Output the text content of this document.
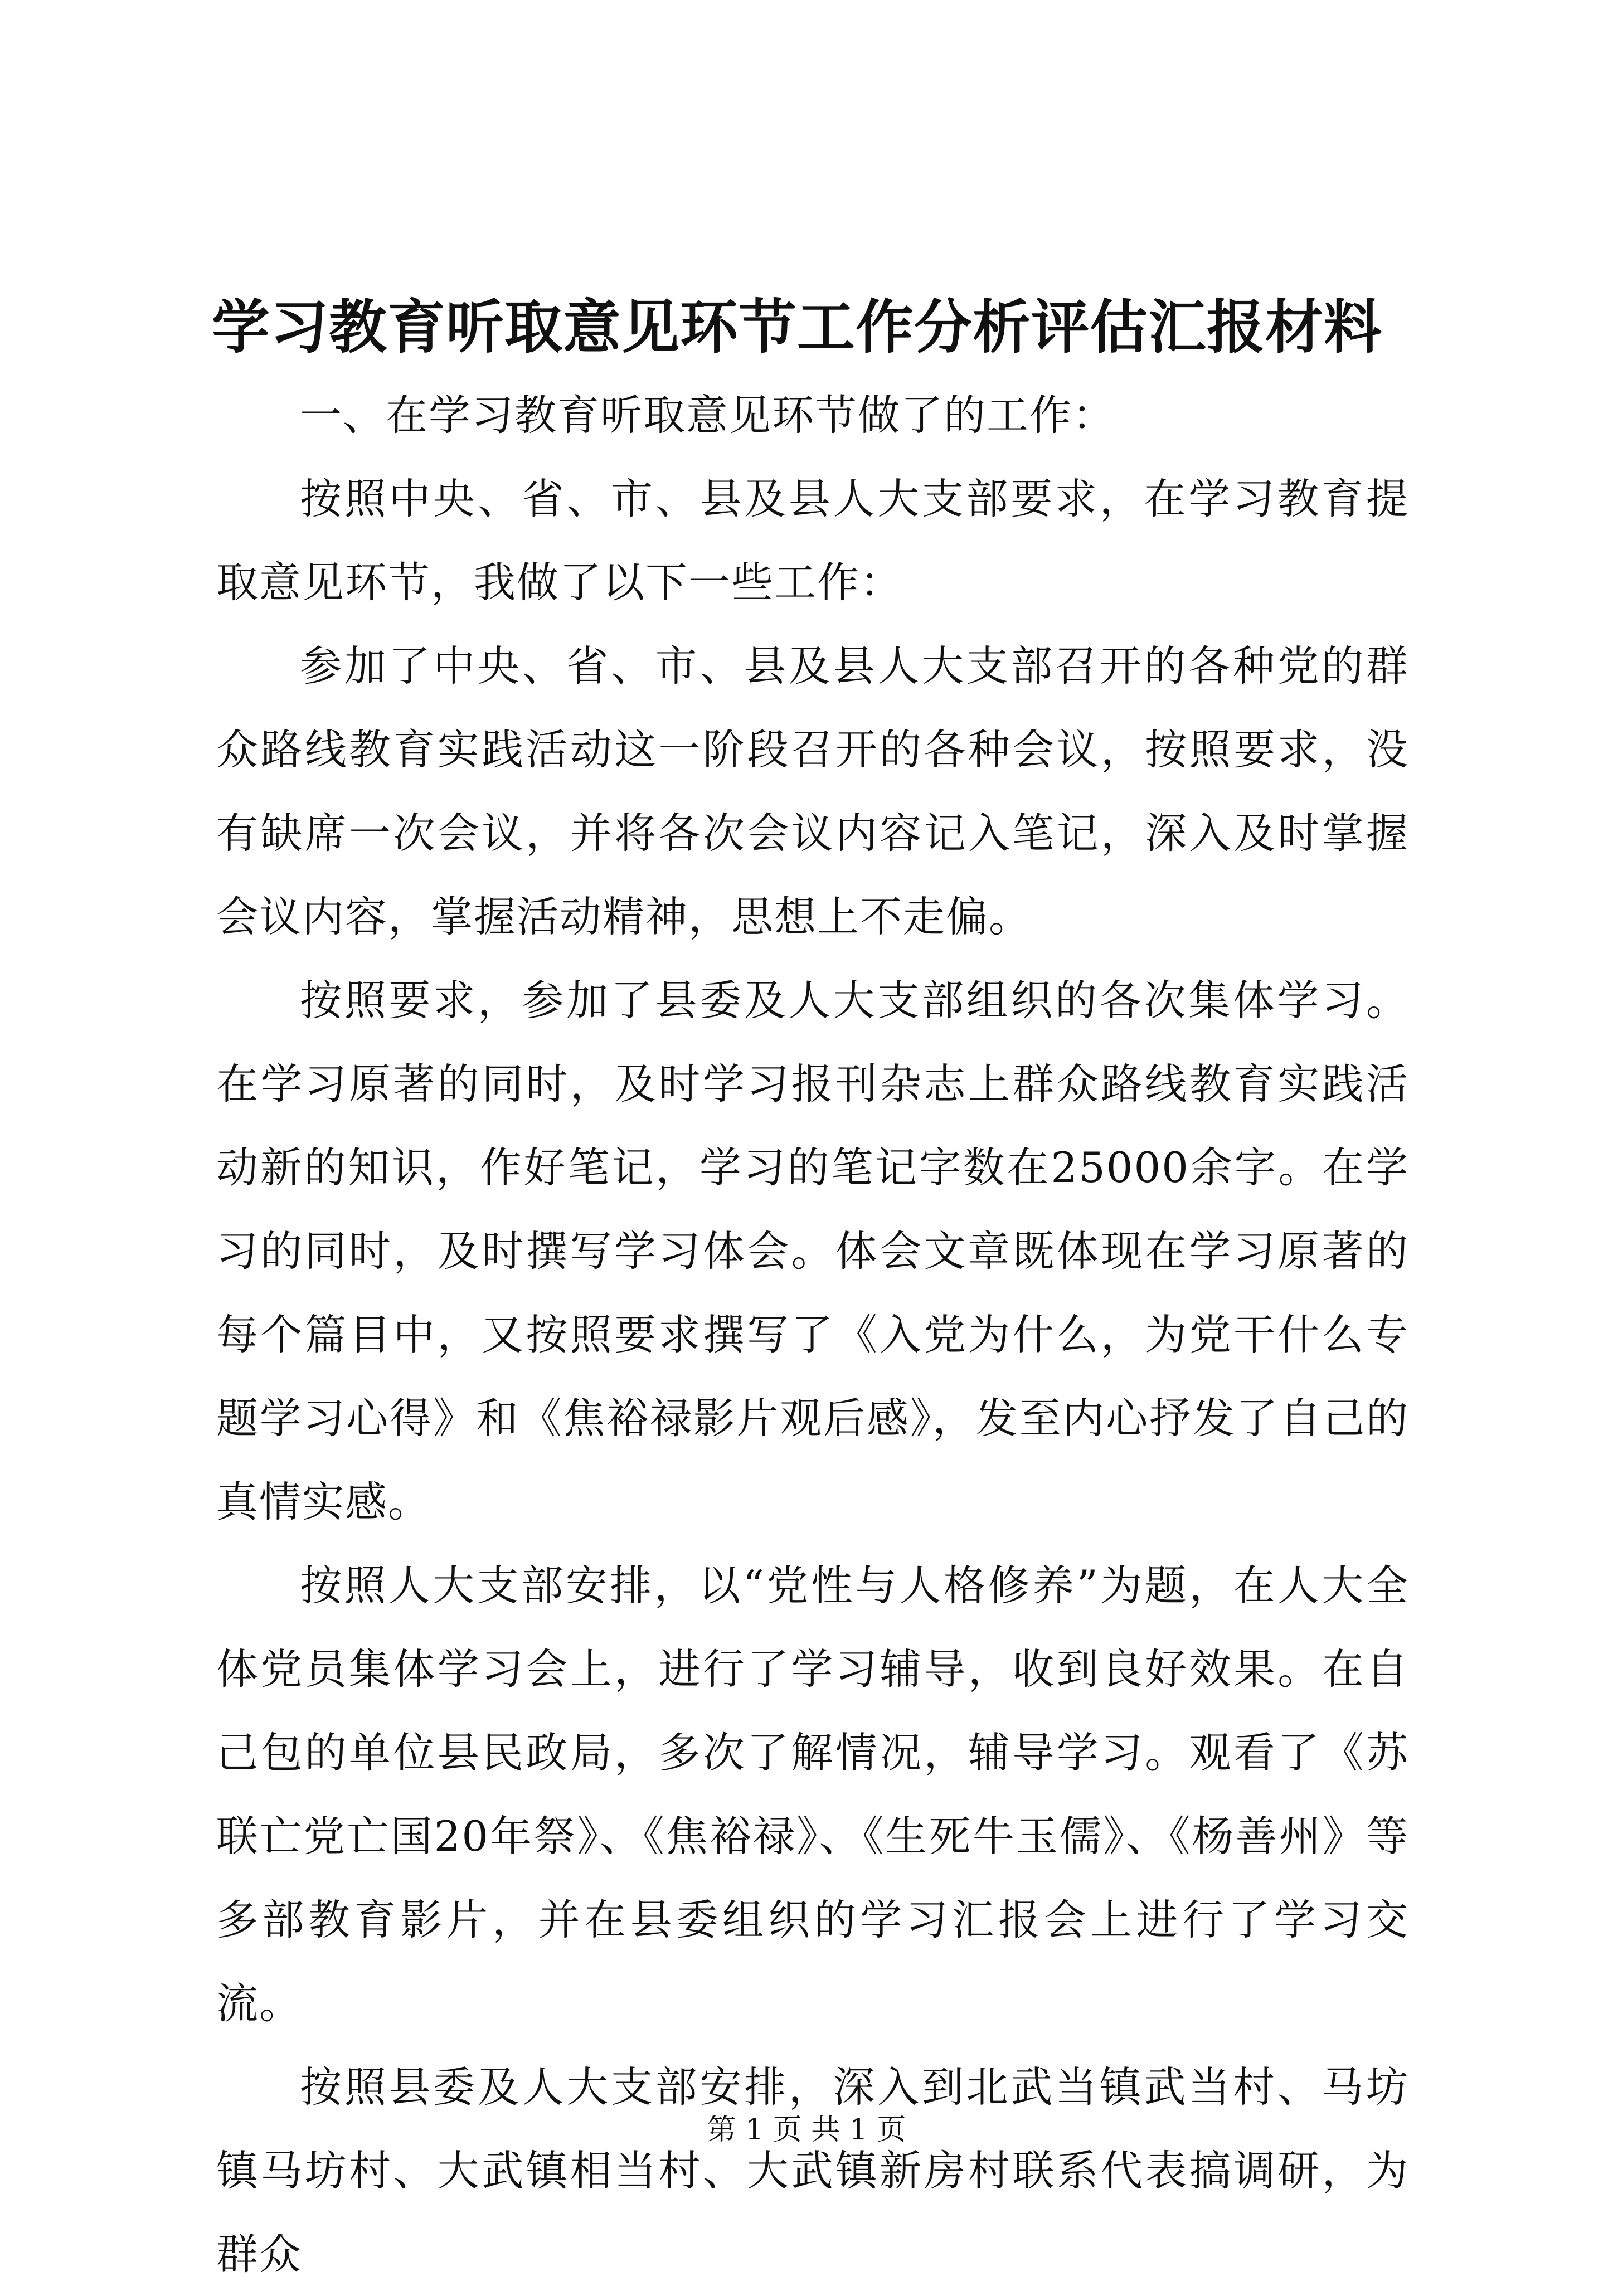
学习教育听取意见环节工作分析评估汇报材料

一、在学习教育听取意见环节做了的工作：

按照中央、省、市、县及县人大支部要求，在学习教育提取意见环节，我做了以下一些工作：

参加了中央、省、市、县及县人大支部召开的各种党的群众路线教育实践活动这一阶段召开的各种会议，按照要求，没有缺席一次会议，并将各次会议内容记入笔记，深入及时掌握会议内容，掌握活动精神，思想上不走偏。

按照要求，参加了县委及人大支部组织的各次集体学习。在学习原著的同时，及时学习报刊杂志上群众路线教育实践活动新的知识，作好笔记，学习的笔记字数在25000余字。在学习的同时，及时撰写学习体会。体会文章既体现在学习原著的每个篇目中，又按照要求撰写了《入党为什么，为党干什么专题学习心得》和《焦裕禄影片观后感》，发至内心抒发了自己的真情实感。

按照人大支部安排，以“党性与人格修养”为题，在人大全体党员集体学习会上，进行了学习辅导，收到良好效果。在自己包的单位县民政局，多次了解情况，辅导学习。观看了《苏联亡党亡国20年祭》、《焦裕禄》、《生死牛玉儒》、《杨善州》等多部教育影片，并在县委组织的学习汇报会上进行了学习交流。

按照县委及人大支部安排，深入到北武当镇武当村、马坊镇马坊村、大武镇相当村、大武镇新房村联系代表搞调研，为群众

第 1 页 共 1 页
